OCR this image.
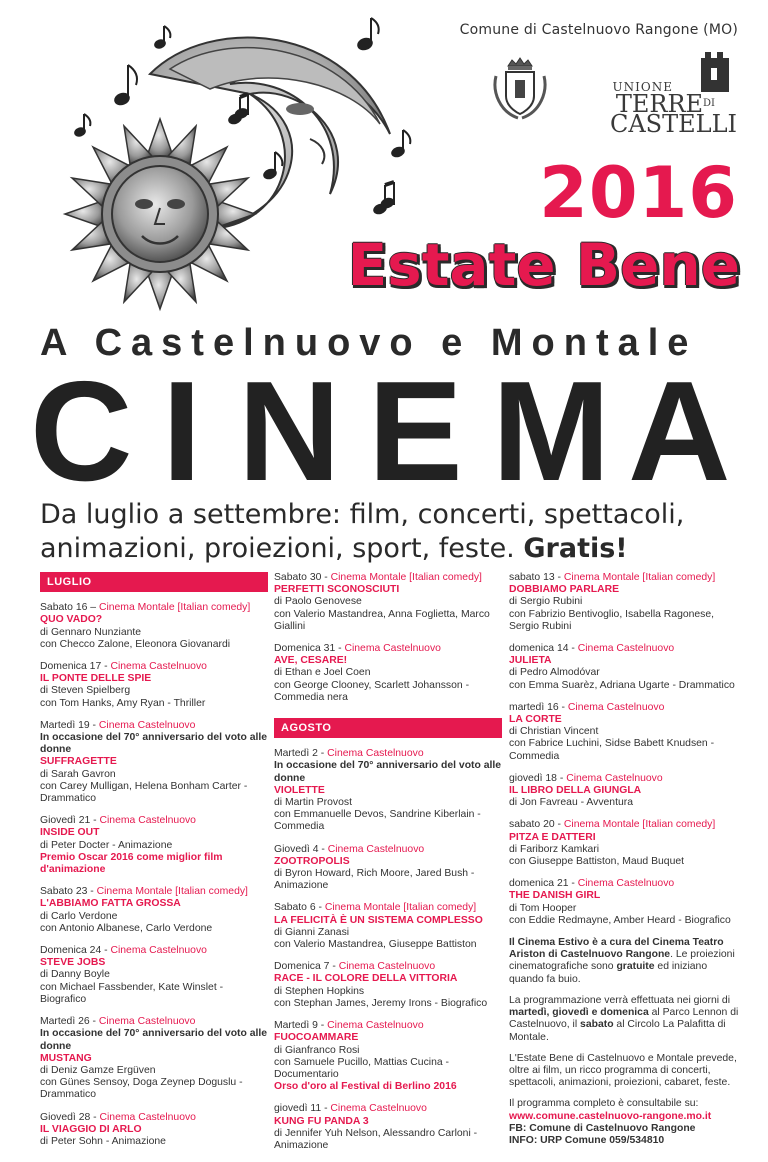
Comune di Castelnuovo Rangone (MO)
UNIONE
$TERRE^{DI}$
CASTELLI
2016
Estate Bene
A Castelnuovo e Montale
C I N E M A
Da luglio a settembre: film, concerti, spettacoli,
animazioni, proiezioni, sport, feste. Gratis!
LUGLIO
Sabato 16 – Cinema Montale [Italian comedy]
QUO VADO?
di Gennaro Nunziante
con Checco Zalone, Eleonora Giovanardi
Domenica 17 - Cinema Castelnuovo
IL PONTE DELLE SPIE
di Steven Spielberg
con Tom Hanks, Amy Ryan - Thriller
Martedì 19 - Cinema Castelnuovo
In occasione del 70° anniversario del voto alle donne
SUFFRAGETTE
di Sarah Gavron
con Carey Mulligan, Helena Bonham Carter - Drammatico
Giovedì 21 - Cinema Castelnuovo
INSIDE OUT
di Peter Docter - Animazione
Premio Oscar 2016 come miglior film d'animazione
Sabato 23 - Cinema Montale [Italian comedy]
L'ABBIAMO FATTA GROSSA
di Carlo Verdone
con Antonio Albanese, Carlo Verdone
Domenica 24 - Cinema Castelnuovo
STEVE JOBS
di Danny Boyle
con Michael Fassbender, Kate Winslet - Biografico
Martedì 26 - Cinema Castelnuovo
In occasione del 70° anniversario del voto alle donne
MUSTANG
di Deniz Gamze Ergüven
con Günes Sensoy, Doga Zeynep Doguslu - Drammatico
Giovedì 28 - Cinema Castelnuovo
IL VIAGGIO DI ARLO
di Peter Sohn - Animazione
Sabato 30 - Cinema Montale [Italian comedy]
PERFETTI SCONOSCIUTI
di Paolo Genovese
con Valerio Mastandrea, Anna Foglietta, Marco Giallini
Domenica 31 - Cinema Castelnuovo
AVE, CESARE!
di Ethan e Joel Coen
con George Clooney, Scarlett Johansson - Commedia nera
AGOSTO
Martedì 2 - Cinema Castelnuovo
In occasione del 70° anniversario del voto alle donne
VIOLETTE
di Martin Provost
con Emmanuelle Devos, Sandrine Kiberlain - Commedia
Giovedì 4 - Cinema Castelnuovo
ZOOTROPOLIS
di Byron Howard, Rich Moore, Jared Bush - Animazione
Sabato 6 - Cinema Montale [Italian comedy]
LA FELICITÀ È UN SISTEMA COMPLESSO
di Gianni Zanasi
con Valerio Mastandrea, Giuseppe Battiston
Domenica 7 - Cinema Castelnuovo
RACE - IL COLORE DELLA VITTORIA
di Stephen Hopkins
con Stephan James, Jeremy Irons - Biografico
Martedì 9 - Cinema Castelnuovo
FUOCOAMMARE
di Gianfranco Rosi
con Samuele Pucillo, Mattias Cucina - Documentario
Orso d'oro al Festival di Berlino 2016
giovedì 11 - Cinema Castelnuovo
KUNG FU PANDA 3
di Jennifer Yuh Nelson, Alessandro Carloni - Animazione
sabato 13 - Cinema Montale [Italian comedy]
DOBBIAMO PARLARE
di Sergio Rubini
con Fabrizio Bentivoglio, Isabella Ragonese, Sergio Rubini
domenica 14 - Cinema Castelnuovo
JULIETA
di Pedro Almodóvar
con Emma Suarèz, Adriana Ugarte - Drammatico
martedì 16 - Cinema Castelnuovo
LA CORTE
di Christian Vincent
con Fabrice Luchini, Sidse Babett Knudsen - Commedia
giovedì 18 - Cinema Castelnuovo
IL LIBRO DELLA GIUNGLA
di Jon Favreau - Avventura
sabato 20 - Cinema Montale [Italian comedy]
PITZA E DATTERI
di Fariborz Kamkari
con Giuseppe Battiston, Maud Buquet
domenica 21 - Cinema Castelnuovo
THE DANISH GIRL
di Tom Hooper
con Eddie Redmayne, Amber Heard - Biografico

Il Cinema Estivo è a cura del Cinema Teatro Ariston di Castelnuovo Rangone. Le proiezioni cinematografiche sono gratuite ed iniziano quando fa buio.

La programmazione verrà effettuata nei giorni di martedì, giovedì e domenica al Parco Lennon di Castelnuovo, il sabato al Circolo La Palafitta di Montale.

L'Estate Bene di Castelnuovo e Montale prevede, oltre ai film, un ricco programma di concerti, spettacoli, animazioni, proiezioni, cabaret, feste.

Il programma completo è consultabile su:
www.comune.castelnuovo-rangone.mo.it
FB: Comune di Castelnuovo Rangone
INFO: URP Comune 059/534810
